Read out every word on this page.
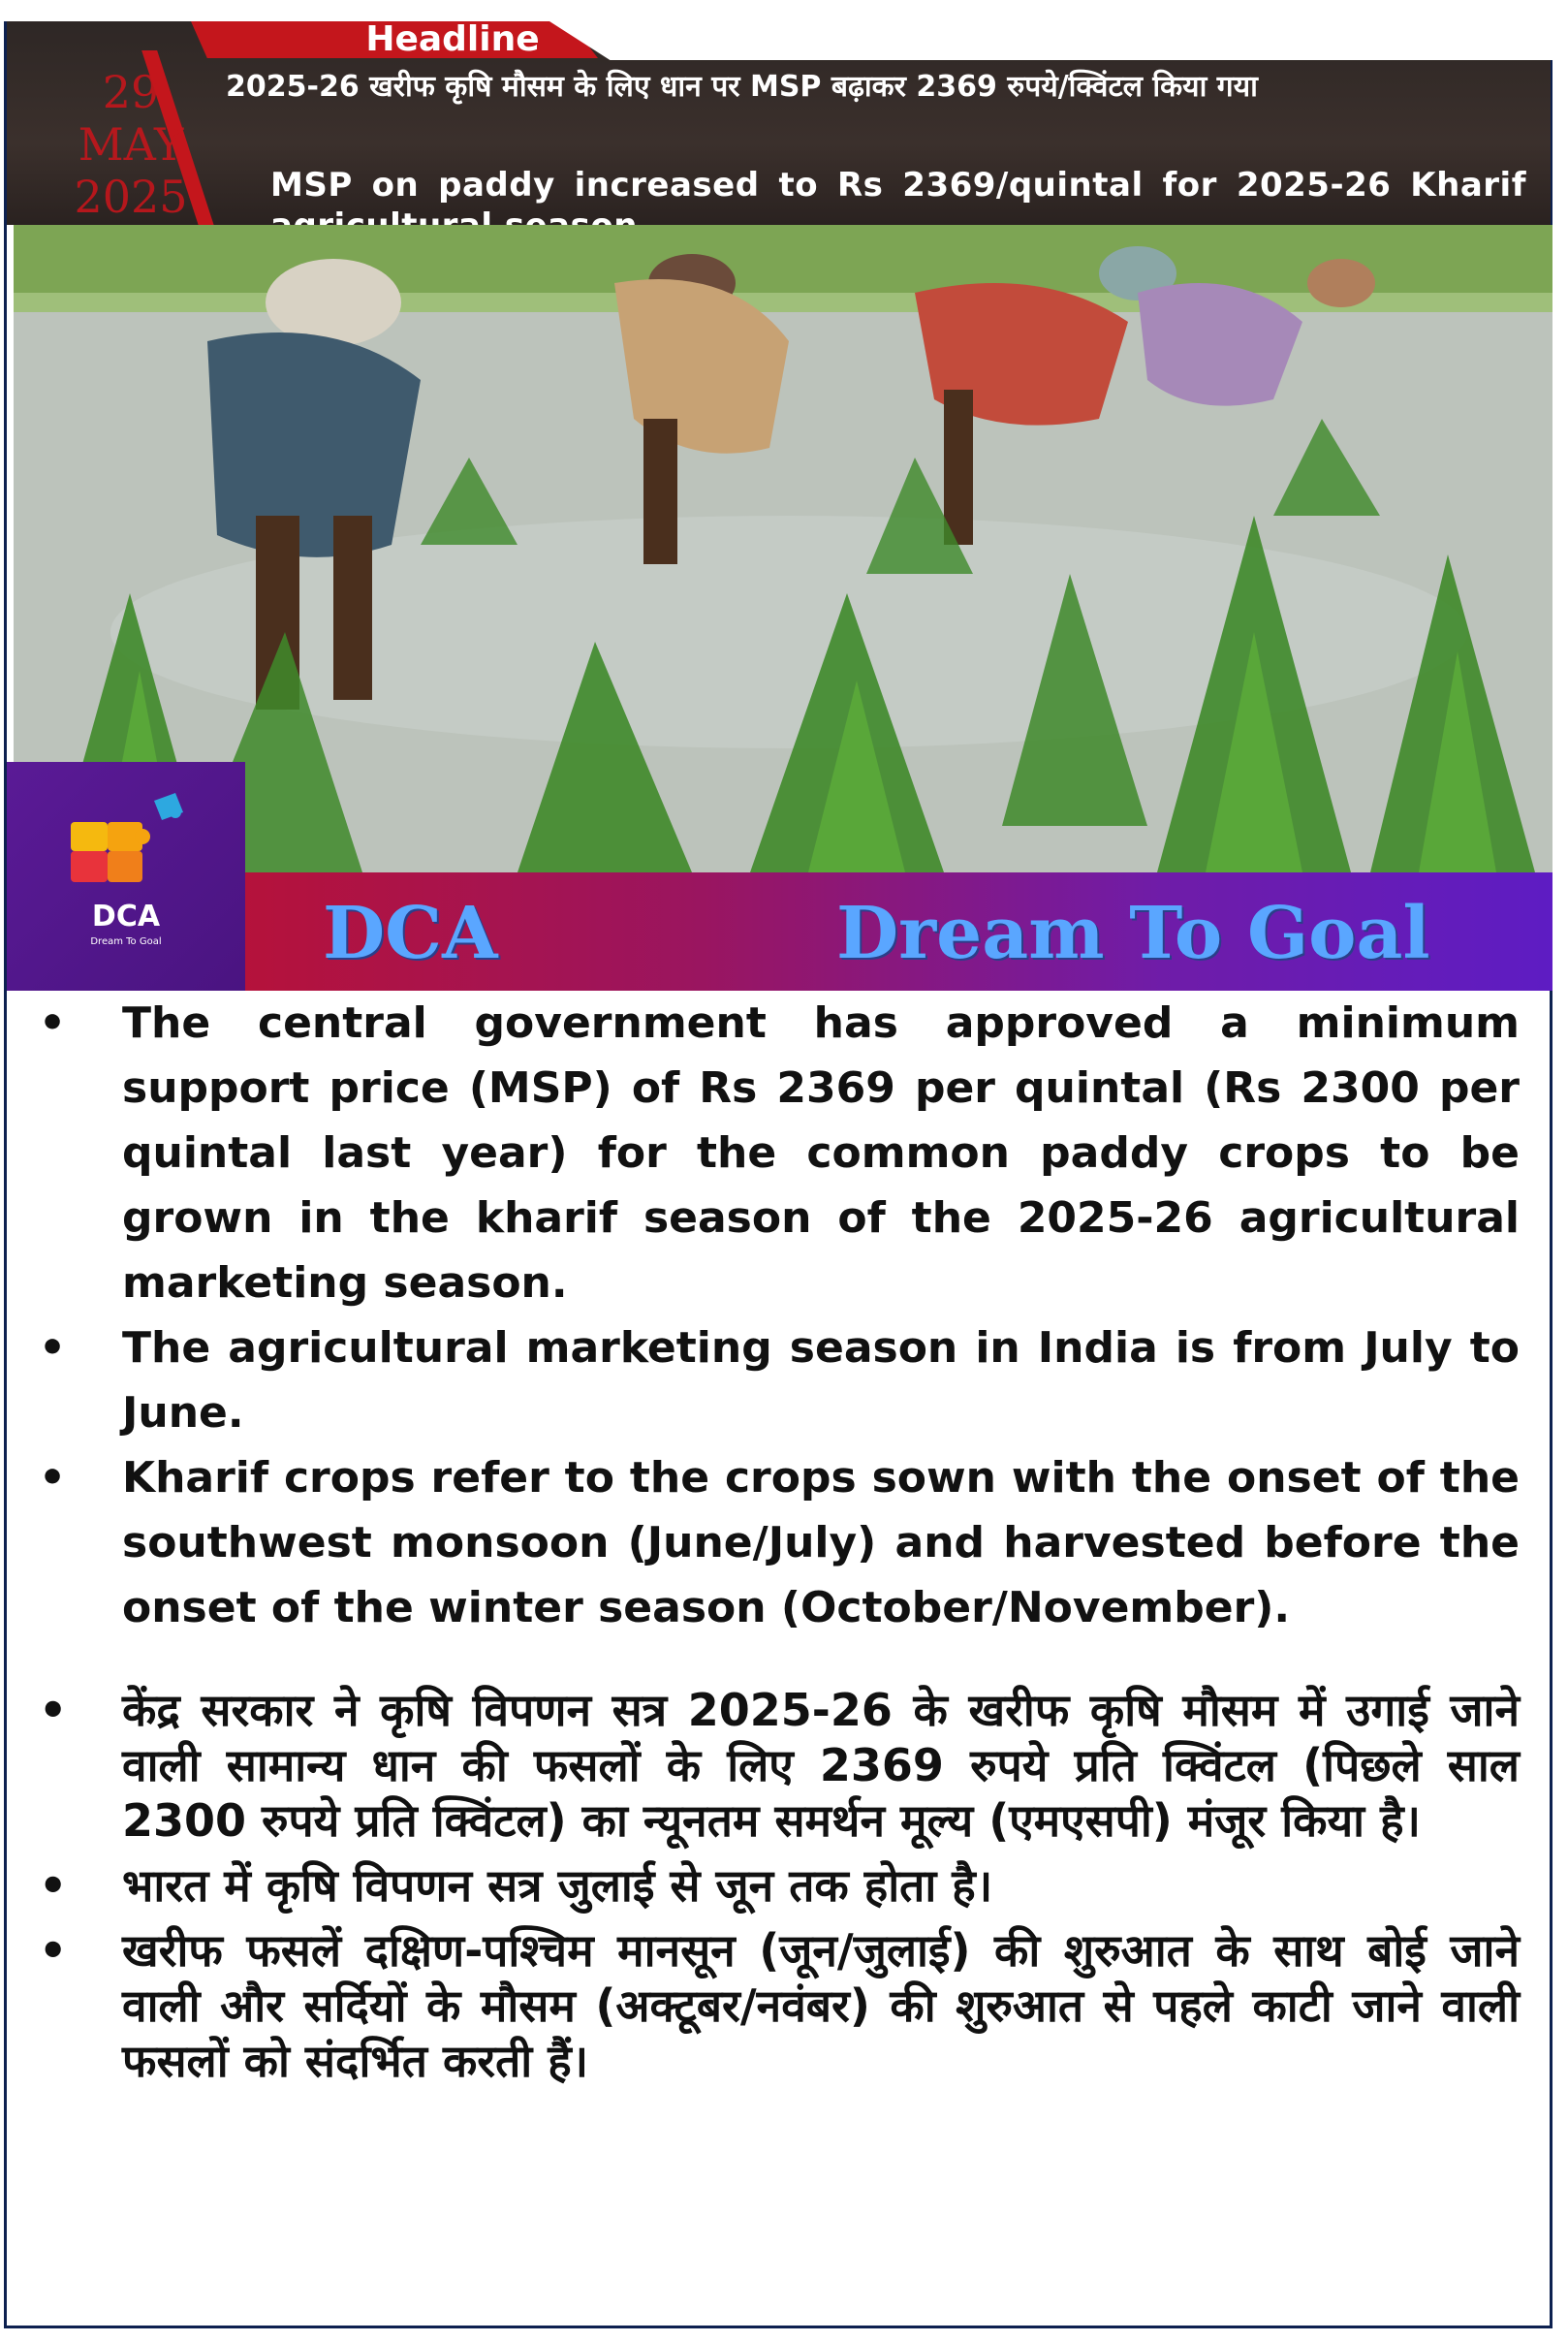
Headline
29
MAY
2025
2025-26 खरीफ कृषि मौसम के लिए धान पर MSP बढ़ाकर 2369 रुपये/क्विंटल किया गया
MSP on paddy increased to Rs 2369/quintal for 2025-26 Kharif
DCA
Dream To Goal	DCA	Dream To Goal
• The central government has approved a minimum support price (MSP) of Rs 2369 per quintal (Rs 2300 per quintal last year) for the common paddy crops to be grown in the kharif season of the 2025-26 agricultural marketing season.
• The agricultural marketing season in India is from July to June.
• Kharif crops refer to the crops sown with the onset of the southwest monsoon (June/July) and harvested before the onset of the winter season (October/November).
• केंद्र सरकार ने कृषि विपणन सत्र 2025-26 के खरीफ कृषि मौसम में उगाई जाने वाली सामान्य धान की फसलों के लिए 2369 रुपये प्रति क्विंटल (पिछले साल 2300 रुपये प्रति क्विंटल) का न्यूनतम समर्थन मूल्य (एमएसपी) मंजूर किया है।
• भारत में कृषि विपणन सत्र जुलाई से जून तक होता है।
• खरीफ फसलें दक्षिण-पश्चिम मानसून (जून/जुलाई) की शुरुआत के साथ बोई जाने वाली और सर्दियों के मौसम (अक्टूबर/नवंबर) की शुरुआत से पहले काटी जाने वाली फसलों को संदर्भित करती हैं।
